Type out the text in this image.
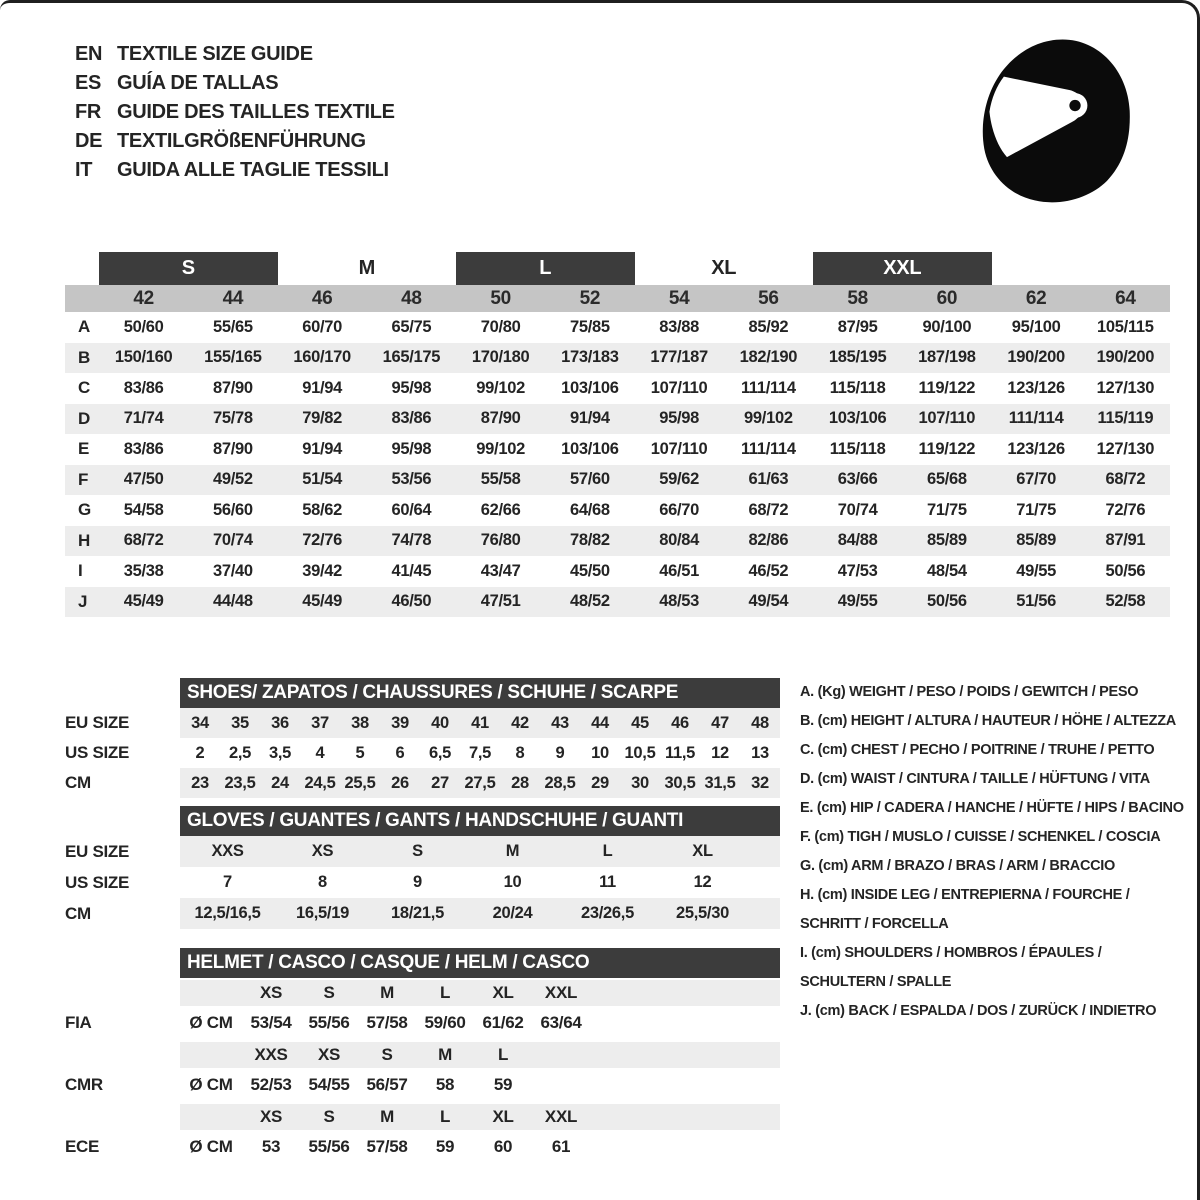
EN TEXTILE SIZE GUIDE
ES GUÍA DE TALLAS
FR GUIDE DES TAILLES TEXTILE
DE TEXTILGRÖßENFÜHRUNG
IT	GUIDA ALLE TAGLIE TESSILI
S	M	L	XL	XXL
42	44	46	48	50	52	54	56	58	60	62	64
A	50/60	55/65	60/70	65/75	70/80	75/85	83/88	85/92	87/95	90/100	95/100	105/115
B	150/160	155/165	160/170	165/175	170/180	173/183	177/187	182/190	185/195	187/198	190/200	190/200
C	83/86	87/90	91/94	95/98	99/102	103/106	107/110	111/114	115/118	119/122	123/126	127/130
D	71/74	75/78	79/82	83/86	87/90	91/94	95/98	99/102	103/106	107/110	111/114	115/119
E	83/86	87/90	91/94	95/98	99/102	103/106	107/110	111/114	115/118	119/122	123/126	127/130
F	47/50	49/52	51/54	53/56	55/58	57/60	59/62	61/63	63/66	65/68	67/70	68/72
G	54/58	56/60	58/62	60/64	62/66	64/68	66/70	68/72	70/74	71/75	71/75	72/76
H	68/72	70/74	72/76	74/78	76/80	78/82	80/84	82/86	84/88	85/89	85/89	87/91
I	35/38	37/40	39/42	41/45	43/47	45/50	46/51	46/52	47/53	48/54	49/55	50/56
J	45/49	44/48	45/49	46/50	47/51	48/52	48/53	49/54	49/55	50/56	51/56	52/58
SHOES/ ZAPATOS / CHAUSSURES / SCHUHE / SCARPE
EU SIZE	34	35	36	37	38	39	40	41	42	43	44	45	46	47	48
US SIZE	2	2,5	3,5	4	5	6	6,5	7,5	8	9	10 10,5 11,5 12	13
CM	23 23,5 24 24,5 25,5 26	27 27,5 28 28,5 29	30 30,5 31,5 32
GLOVES / GUANTES / GANTS / HANDSCHUHE / GUANTI
EU SIZE	XXS	XS	S	M	L	XL
US SIZE	7	8	9	10	11	12
CM	12,5/16,5	16,5/19	18/21,5	20/24	23/26,5	25,5/30
HELMET / CASCO / CASQUE / HELM / CASCO
FIA
XS	S	M	L	XL	XXL
Ø CM	53/54 55/56 57/58 59/60 61/62 63/64
CMR
XXS	XS	S	M	L
Ø CM	52/53 54/55 56/57	58	59
ECE
XS	S	M	L	XL	XXL
Ø CM	53	55/56 57/58	59	60	61
A. (Kg) WEIGHT / PESO / POIDS / GEWITCH / PESO
B. (cm) HEIGHT / ALTURA / HAUTEUR / HÖHE / ALTEZZA
C. (cm) CHEST / PECHO / POITRINE / TRUHE / PETTO
D. (cm) WAIST / CINTURA / TAILLE / HÜFTUNG / VITA
E. (cm) HIP / CADERA / HANCHE / HÜFTE / HIPS / BACINO
F. (cm) TIGH / MUSLO / CUISSE / SCHENKEL / COSCIA
G. (cm) ARM / BRAZO / BRAS / ARM / BRACCIO
H. (cm) INSIDE LEG / ENTREPIERNA / FOURCHE / SCHRITT / FORCELLA
I. (cm) SHOULDERS / HOMBROS / ÉPAULES / SCHULTERN / SPALLE
J. (cm) BACK / ESPALDA / DOS / ZURÜCK / INDIETRO
